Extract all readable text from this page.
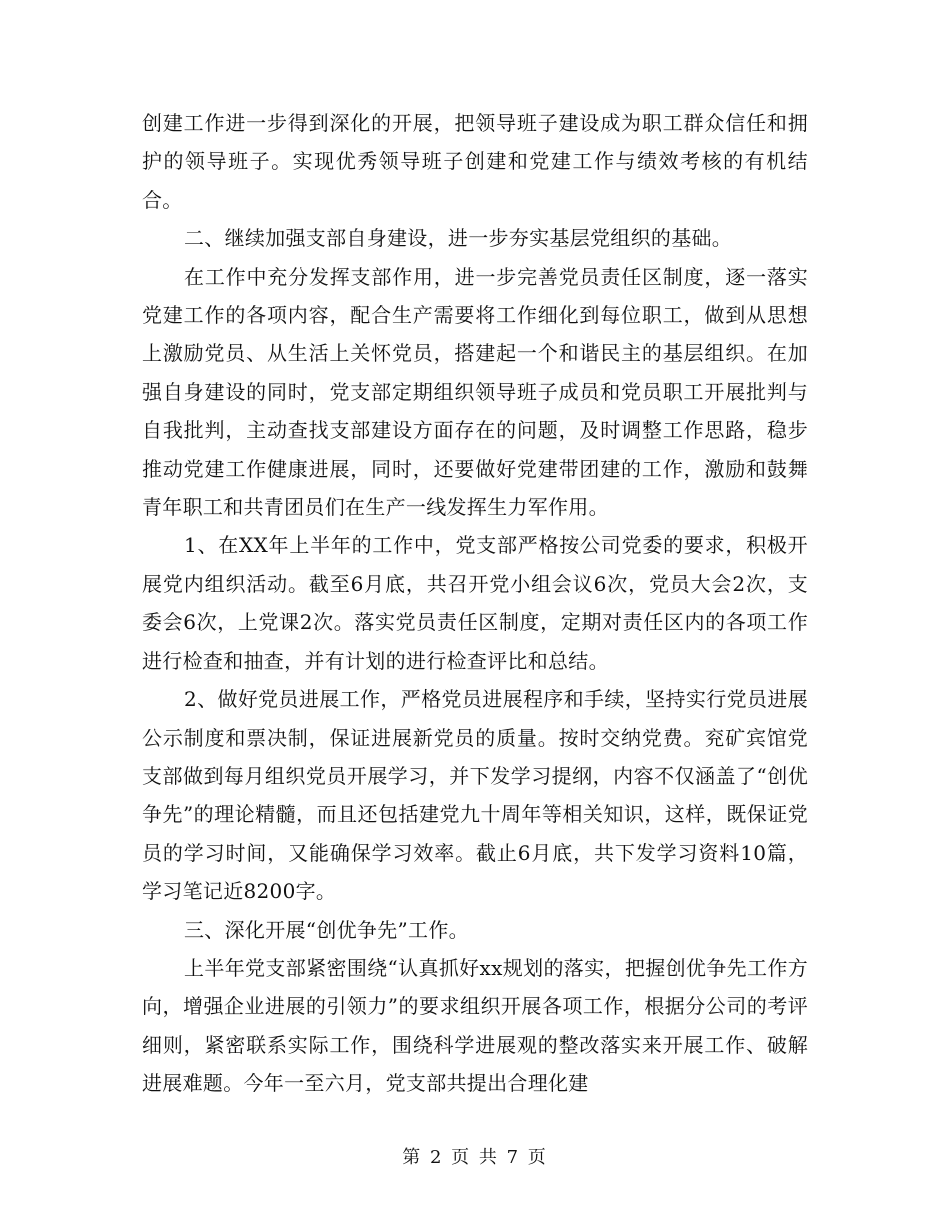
创建工作进一步得到深化的开展，把领导班子建设成为职工群众信任和拥护的领导班子。实现优秀领导班子创建和党建工作与绩效考核的有机结合。

二、继续加强支部自身建设，进一步夯实基层党组织的基础。

在工作中充分发挥支部作用，进一步完善党员责任区制度，逐一落实党建工作的各项内容，配合生产需要将工作细化到每位职工，做到从思想上激励党员、从生活上关怀党员，搭建起一个和谐民主的基层组织。在加强自身建设的同时，党支部定期组织领导班子成员和党员职工开展批判与自我批判，主动查找支部建设方面存在的问题，及时调整工作思路，稳步推动党建工作健康进展，同时，还要做好党建带团建的工作，激励和鼓舞青年职工和共青团员们在生产一线发挥生力军作用。

1、在XX年上半年的工作中，党支部严格按公司党委的要求，积极开展党内组织活动。截至6月底，共召开党小组会议6次，党员大会2次，支委会6次，上党课2次。落实党员责任区制度，定期对责任区内的各项工作进行检查和抽查，并有计划的进行检查评比和总结。

2、做好党员进展工作，严格党员进展程序和手续，坚持实行党员进展公示制度和票决制，保证进展新党员的质量。按时交纳党费。兖矿宾馆党支部做到每月组织党员开展学习，并下发学习提纲，内容不仅涵盖了“创优争先”的理论精髓，而且还包括建党九十周年等相关知识，这样，既保证党员的学习时间，又能确保学习效率。截止6月底，共下发学习资料10篇，学习笔记近8200字。

三、深化开展“创优争先”工作。

上半年党支部紧密围绕“认真抓好xx规划的落实，把握创优争先工作方向，增强企业进展的引领力”的要求组织开展各项工作，根据分公司的考评细则，紧密联系实际工作，围绕科学进展观的整改落实来开展工作、破解进展难题。今年一至六月，党支部共提出合理化建

第 2 页 共 7 页
